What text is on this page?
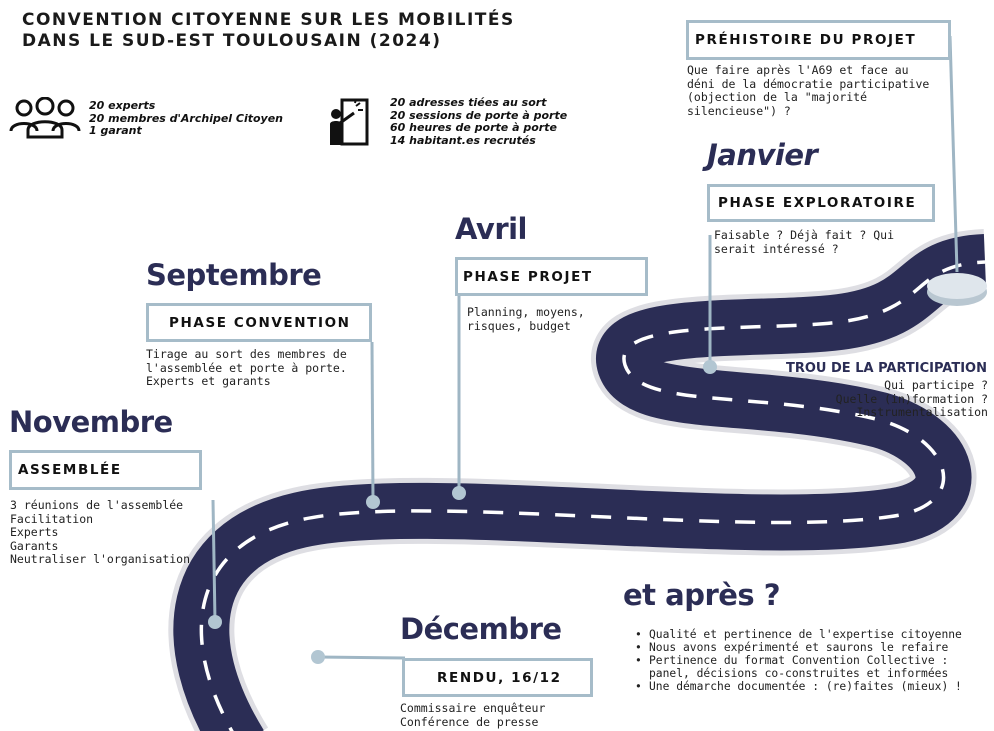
CONVENTION CITOYENNE SUR LES MOBILITÉS
DANS LE SUD-EST TOULOUSAIN (2024)
20 experts
20 membres d'Archipel Citoyen
1 garant
20 adresses tiées au sort
20 sessions de porte à porte
60 heures de porte à porte
14 habitant.es recrutés
PRÉHISTOIRE DU PROJET
Que faire après l'A69 et face au
déni de la démocratie participative
(objection de la "majorité
silencieuse") ?
Janvier
PHASE EXPLORATOIRE
Faisable ? Déjà fait ? Qui
serait intéressé ?
Avril
PHASE PROJET
Planning, moyens,
risques, budget
Septembre
PHASE CONVENTION
Tirage au sort des membres de
l'assemblée et porte à porte.
Experts et garants
Novembre
ASSEMBLÉE
3 réunions de l'assemblée
Facilitation
Experts
Garants
Neutraliser l'organisation
Décembre
RENDU, 16/12
Commissaire enquêteur
Conférence de presse
TROU DE LA PARTICIPATION
Qui participe ?
Quelle (in)formation ?
Instrumentalisation
et après ?
• Qualité et pertinence de l'expertise citoyenne
• Nous avons expérimenté et saurons le refaire
• Pertinence du format Convention Collective :
panel, décisions co-construites et informées
• Une démarche documentée : (re)faites (mieux) !
